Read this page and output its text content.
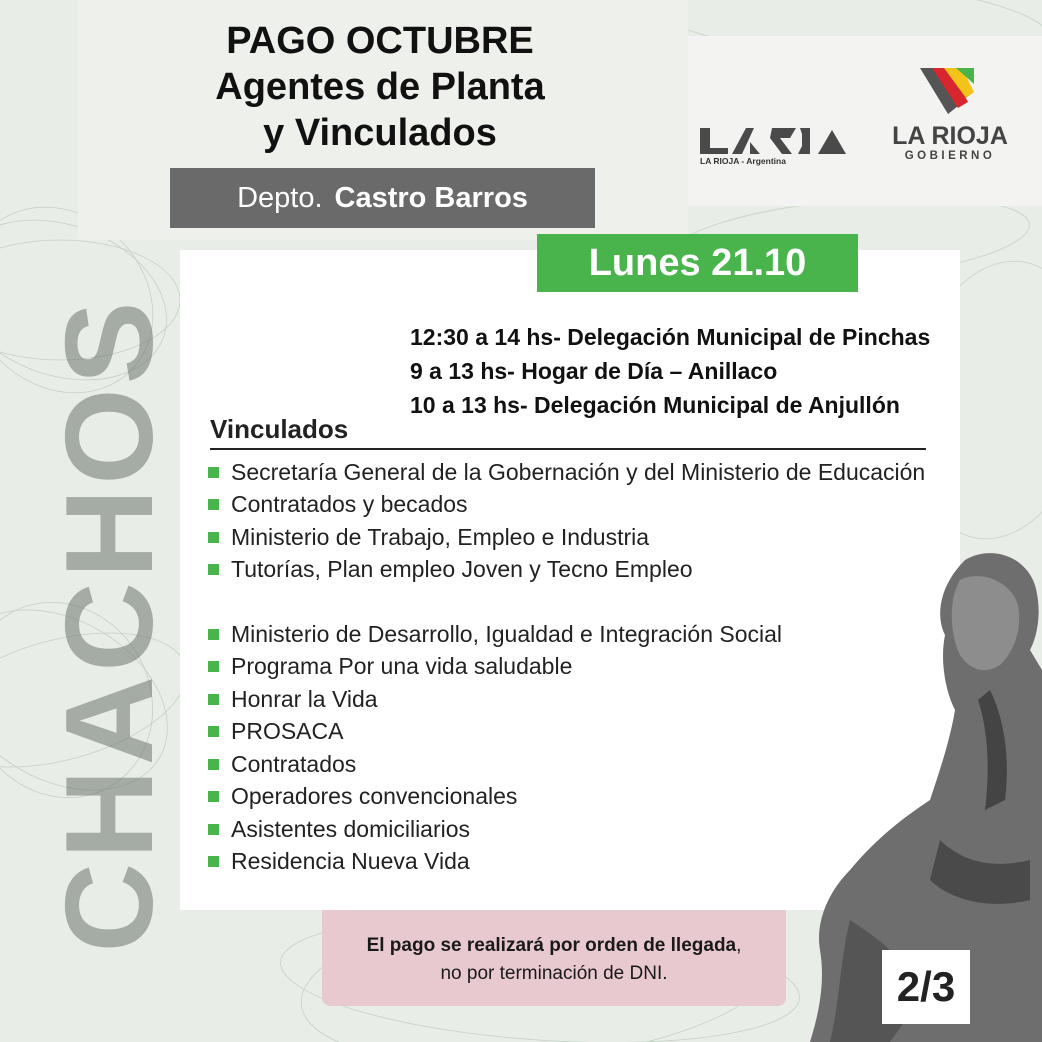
CHACHOS
PAGO OCTUBRE
Agentes de Planta
y Vinculados
Depto. Castro Barros
LA RIOJA - Argentina
LA RIOJA
GOBIERNO
Lunes 21.10
12:30 a 14 hs- Delegación Municipal de Pinchas
9 a 13 hs- Hogar de Día – Anillaco
10 a 13 hs- Delegación Municipal de Anjullón
Vinculados
Secretaría General de la Gobernación y del Ministerio de Educación
Contratados y becados
Ministerio de Trabajo, Empleo e Industria
Tutorías, Plan empleo Joven y Tecno Empleo
Ministerio de Desarrollo, Igualdad e Integración Social
Programa Por una vida saludable
Honrar la Vida
PROSACA
Contratados
Operadores convencionales
Asistentes domiciliarios
Residencia Nueva Vida
El pago se realizará por orden de llegada,
no por terminación de DNI.	2/3
